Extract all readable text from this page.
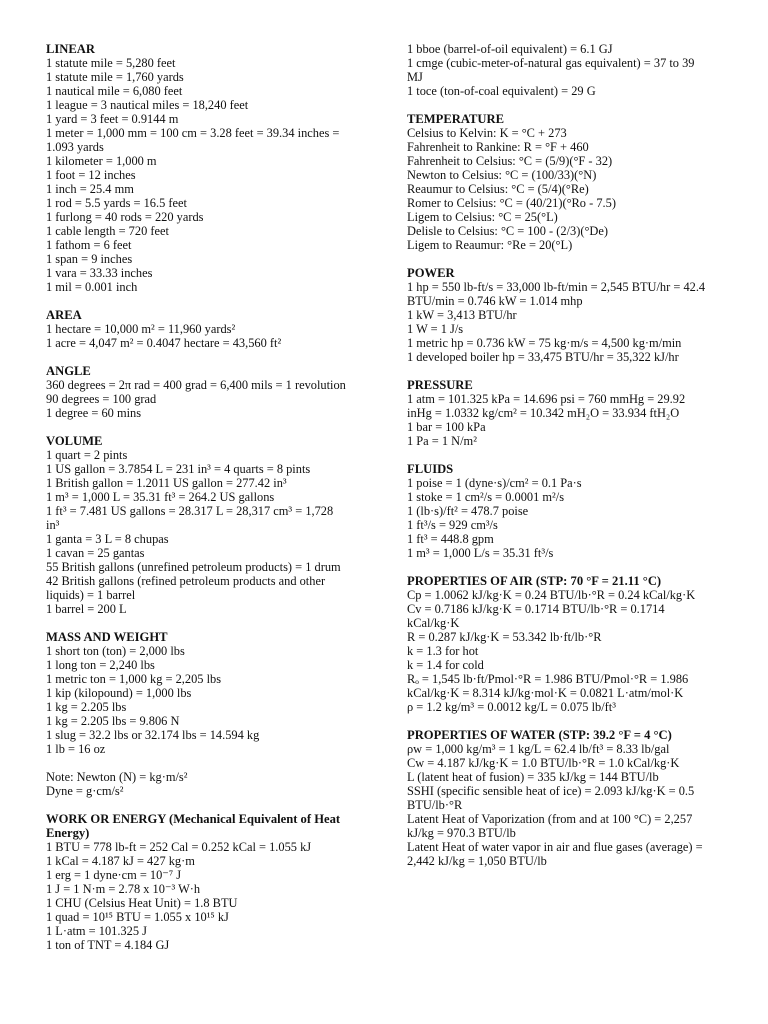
LINEAR
1 statute mile = 5,280 feet
1 statute mile = 1,760 yards
1 nautical mile = 6,080 feet
1 league = 3 nautical miles = 18,240 feet
1 yard = 3 feet = 0.9144 m
1 meter = 1,000 mm = 100 cm = 3.28 feet = 39.34 inches =
1.093 yards
1 kilometer = 1,000 m
1 foot = 12 inches
1 inch = 25.4 mm
1 rod = 5.5 yards = 16.5 feet
1 furlong = 40 rods = 220 yards
1 cable length = 720 feet
1 fathom = 6 feet
1 span = 9 inches
1 vara = 33.33 inches
1 mil = 0.001 inch
AREA
1 hectare = 10,000 m² = 11,960 yards²
1 acre = 4,047 m² = 0.4047 hectare = 43,560 ft²
ANGLE
360 degrees = 2π rad = 400 grad = 6,400 mils = 1 revolution
90 degrees = 100 grad
1 degree = 60 mins
VOLUME
1 quart = 2 pints
1 US gallon = 3.7854 L = 231 in³ = 4 quarts = 8 pints
1 British gallon = 1.2011 US gallon = 277.42 in³
1 m³ = 1,000 L = 35.31 ft³ = 264.2 US gallons
1 ft³ = 7.481 US gallons = 28.317 L = 28,317 cm³ = 1,728
in³
1 ganta = 3 L = 8 chupas
1 cavan = 25 gantas
55 British gallons (unrefined petroleum products) = 1 drum
42 British gallons (refined petroleum products and other
liquids) = 1 barrel
1 barrel = 200 L
MASS AND WEIGHT
1 short ton (ton) = 2,000 lbs
1 long ton = 2,240 lbs
1 metric ton = 1,000 kg = 2,205 lbs
1 kip (kilopound) = 1,000 lbs
1 kg = 2.205 lbs
1 kg = 2.205 lbs = 9.806 N
1 slug = 32.2 lbs or 32.174 lbs = 14.594 kg
1 lb = 16 oz
Note: Newton (N) = kg·m/s²
Dyne = g·cm/s²
WORK OR ENERGY (Mechanical Equivalent of Heat Energy)
1 BTU = 778 lb-ft = 252 Cal = 0.252 kCal = 1.055 kJ
1 kCal = 4.187 kJ = 427 kg·m
1 erg = 1 dyne·cm = 10⁻⁷ J
1 J = 1 N·m = 2.78 x 10⁻³ W·h
1 CHU (Celsius Heat Unit) = 1.8 BTU
1 quad = 10¹⁵ BTU = 1.055 x 10¹⁵ kJ
1 L·atm = 101.325 J
1 ton of TNT = 4.184 GJ
1 bboe (barrel-of-oil equivalent) = 6.1 GJ
1 cmge (cubic-meter-of-natural gas equivalent) = 37 to 39
MJ
1 toce (ton-of-coal equivalent) = 29 G
TEMPERATURE
Celsius to Kelvin: K = °C + 273
Fahrenheit to Rankine: R = °F + 460
Fahrenheit to Celsius: °C = (5/9)(°F - 32)
Newton to Celsius: °C = (100/33)(°N)
Reaumur to Celsius: °C = (5/4)(°Re)
Romer to Celsius: °C = (40/21)(°Ro - 7.5)
Ligem to Celsius: °C = 25(°L)
Delisle to Celsius: °C = 100 - (2/3)(°De)
Ligem to Reaumur: °Re = 20(°L)
POWER
1 hp = 550 lb-ft/s = 33,000 lb-ft/min = 2,545 BTU/hr = 42.4
BTU/min = 0.746 kW = 1.014 mhp
1 kW = 3,413 BTU/hr
1 W = 1 J/s
1 metric hp = 0.736 kW = 75 kg·m/s = 4,500 kg·m/min
1 developed boiler hp = 33,475 BTU/hr = 35,322 kJ/hr
PRESSURE
1 atm = 101.325 kPa = 14.696 psi = 760 mmHg = 29.92
inHg = 1.0332 kg/cm² = 10.342 mH₂O = 33.934 ftH₂O
1 bar = 100 kPa
1 Pa = 1 N/m²
FLUIDS
1 poise = 1 (dyne·s)/cm² = 0.1 Pa·s
1 stoke = 1 cm²/s = 0.0001 m²/s
1 (lb·s)/ft² = 478.7 poise
1 ft³/s = 929 cm³/s
1 ft³ = 448.8 gpm
1 m³ = 1,000 L/s = 35.31 ft³/s
PROPERTIES OF AIR (STP: 70 °F = 21.11 °C)
Cp = 1.0062 kJ/kg·K = 0.24 BTU/lb·°R = 0.24 kCal/kg·K
Cv = 0.7186 kJ/kg·K = 0.1714 BTU/lb·°R = 0.1714
kCal/kg·K
R = 0.287 kJ/kg·K = 53.342 lb·ft/lb·°R
k = 1.3 for hot
k = 1.4 for cold
Rₒ = 1,545 lb·ft/Pmol·°R = 1.986 BTU/Pmol·°R = 1.986
kCal/kg·K = 8.314 kJ/kg·mol·K = 0.0821 L·atm/mol·K
ρ = 1.2 kg/m³ = 0.0012 kg/L = 0.075 lb/ft³
PROPERTIES OF WATER (STP: 39.2 °F = 4 °C)
ρw = 1,000 kg/m³ = 1 kg/L = 62.4 lb/ft³ = 8.33 lb/gal
Cw = 4.187 kJ/kg·K = 1.0 BTU/lb·°R = 1.0 kCal/kg·K
L (latent heat of fusion) = 335 kJ/kg = 144 BTU/lb
SSHI (specific sensible heat of ice) = 2.093 kJ/kg·K = 0.5
BTU/lb·°R
Latent Heat of Vaporization (from and at 100 °C) = 2,257
kJ/kg = 970.3 BTU/lb
Latent Heat of water vapor in air and flue gases (average) =
2,442 kJ/kg = 1,050 BTU/lb
